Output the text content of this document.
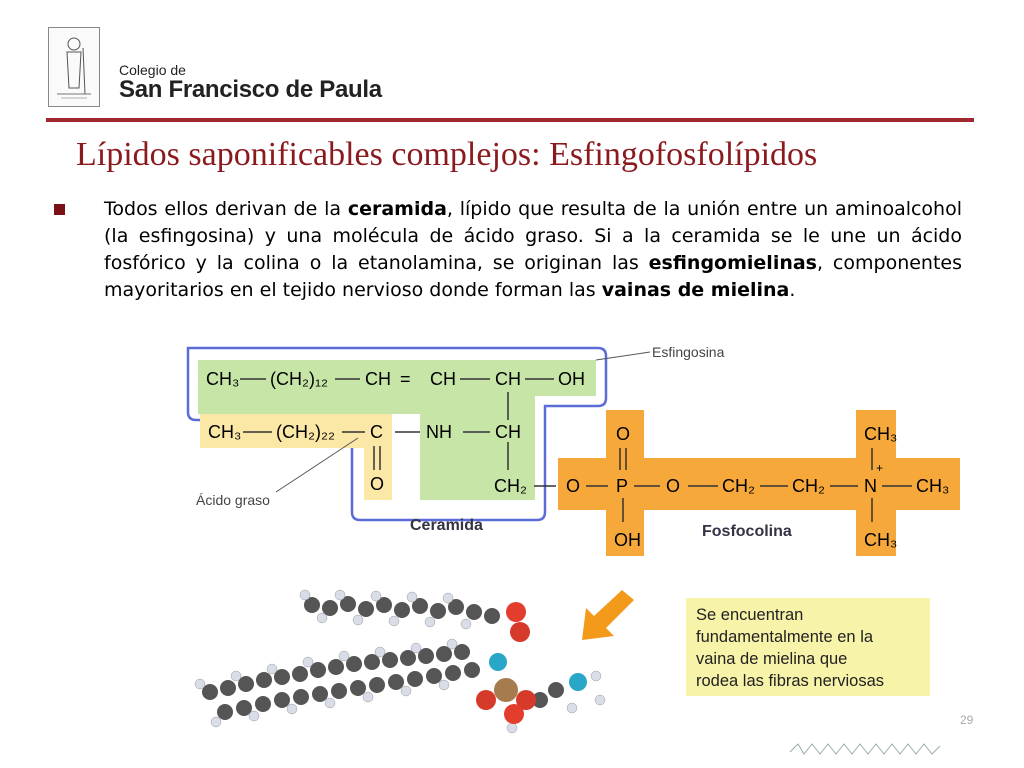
Colegio de
San Francisco de Paula
Lípidos saponificables complejos: Esfingofosfolípidos
Todos ellos derivan de la ceramida, lípido que resulta de la unión entre un aminoalcohol (la esfingosina) y una molécula de ácido graso. Si a la ceramida se le une un ácido fosfórico y la colina o la etanolamina, se originan las esfingomielinas, componentes mayoritarios en el tejido nervioso donde forman las vainas de mielina.
CH₃ (CH₂)₁₂ CH = CH CH OH
CH₃ (CH₂)₂₂ C NH CH
O	CH₂ O P O CH₂ CH₂ N
+
CH₃
O
OH
CH₃
CH₃
Esfingosina
Ácido graso
Ceramida	Fosfocolina
29
Se encuentran
fundamentalmente en la
vaina de mielina que
rodea las fibras nerviosas
